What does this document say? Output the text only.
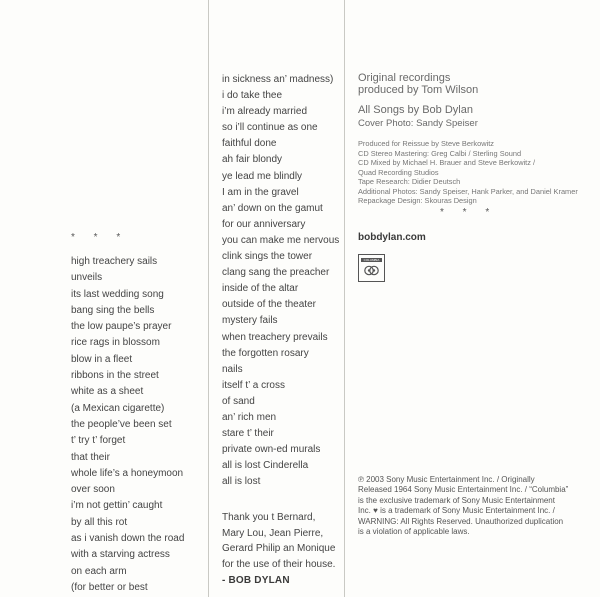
* * *
high treachery sails
unveils
its last wedding song
bang sing the bells
the low paupe’s prayer
rice rags in blossom
blow in a fleet
ribbons in the street
white as a sheet
(a Mexican cigarette)
the people’ve been set
t’ try t’ forget
that their
whole life’s a honeymoon
over soon
i’m not gettin’ caught
by all this rot
as i vanish down the road
with a starving actress
on each arm
(for better or best
in sickness an’ madness)
i do take thee
i’m already married
so i’ll continue as one
faithful done
ah fair blondy
ye lead me blindly
I am in the gravel
an’ down on the gamut
for our anniversary
you can make me nervous
clink sings the tower
clang sang the preacher
inside of the altar
outside of the theater
mystery fails
when treachery prevails
the forgotten rosary
nails
itself t’ a cross
of sand
an’ rich men
stare t’ their
private own-ed murals
all is lost Cinderella
all is lost
Thank you t Bernard,
Mary Lou, Jean Pierre,
Gerard Philip an Monique
for the use of their house.
- BOB DYLAN
Original recordings
produced by Tom Wilson
All Songs by Bob Dylan
Cover Photo: Sandy Speiser
Produced for Reissue by Steve Berkowitz
CD Stereo Mastering: Greg Calbi / Sterling Sound
CD Mixed by Michael H. Brauer and Steve Berkowitz /
Quad Recording Studios
Tape Research: Didier Deutsch
Additional Photos: Sandy Speiser, Hank Parker, and Daniel Kramer
Repackage Design: Skouras Design
* * *
bobdylan.com
COLUMBIA
℗ 2003 Sony Music Entertainment Inc. / Originally Released 1964 Sony Music Entertainment Inc. / “Columbia” is the exclusive trademark of Sony Music Entertainment Inc. ♥ is a trademark of Sony Music Entertainment Inc. / WARNING: All Rights Reserved. Unauthorized duplication is a violation of applicable laws.
